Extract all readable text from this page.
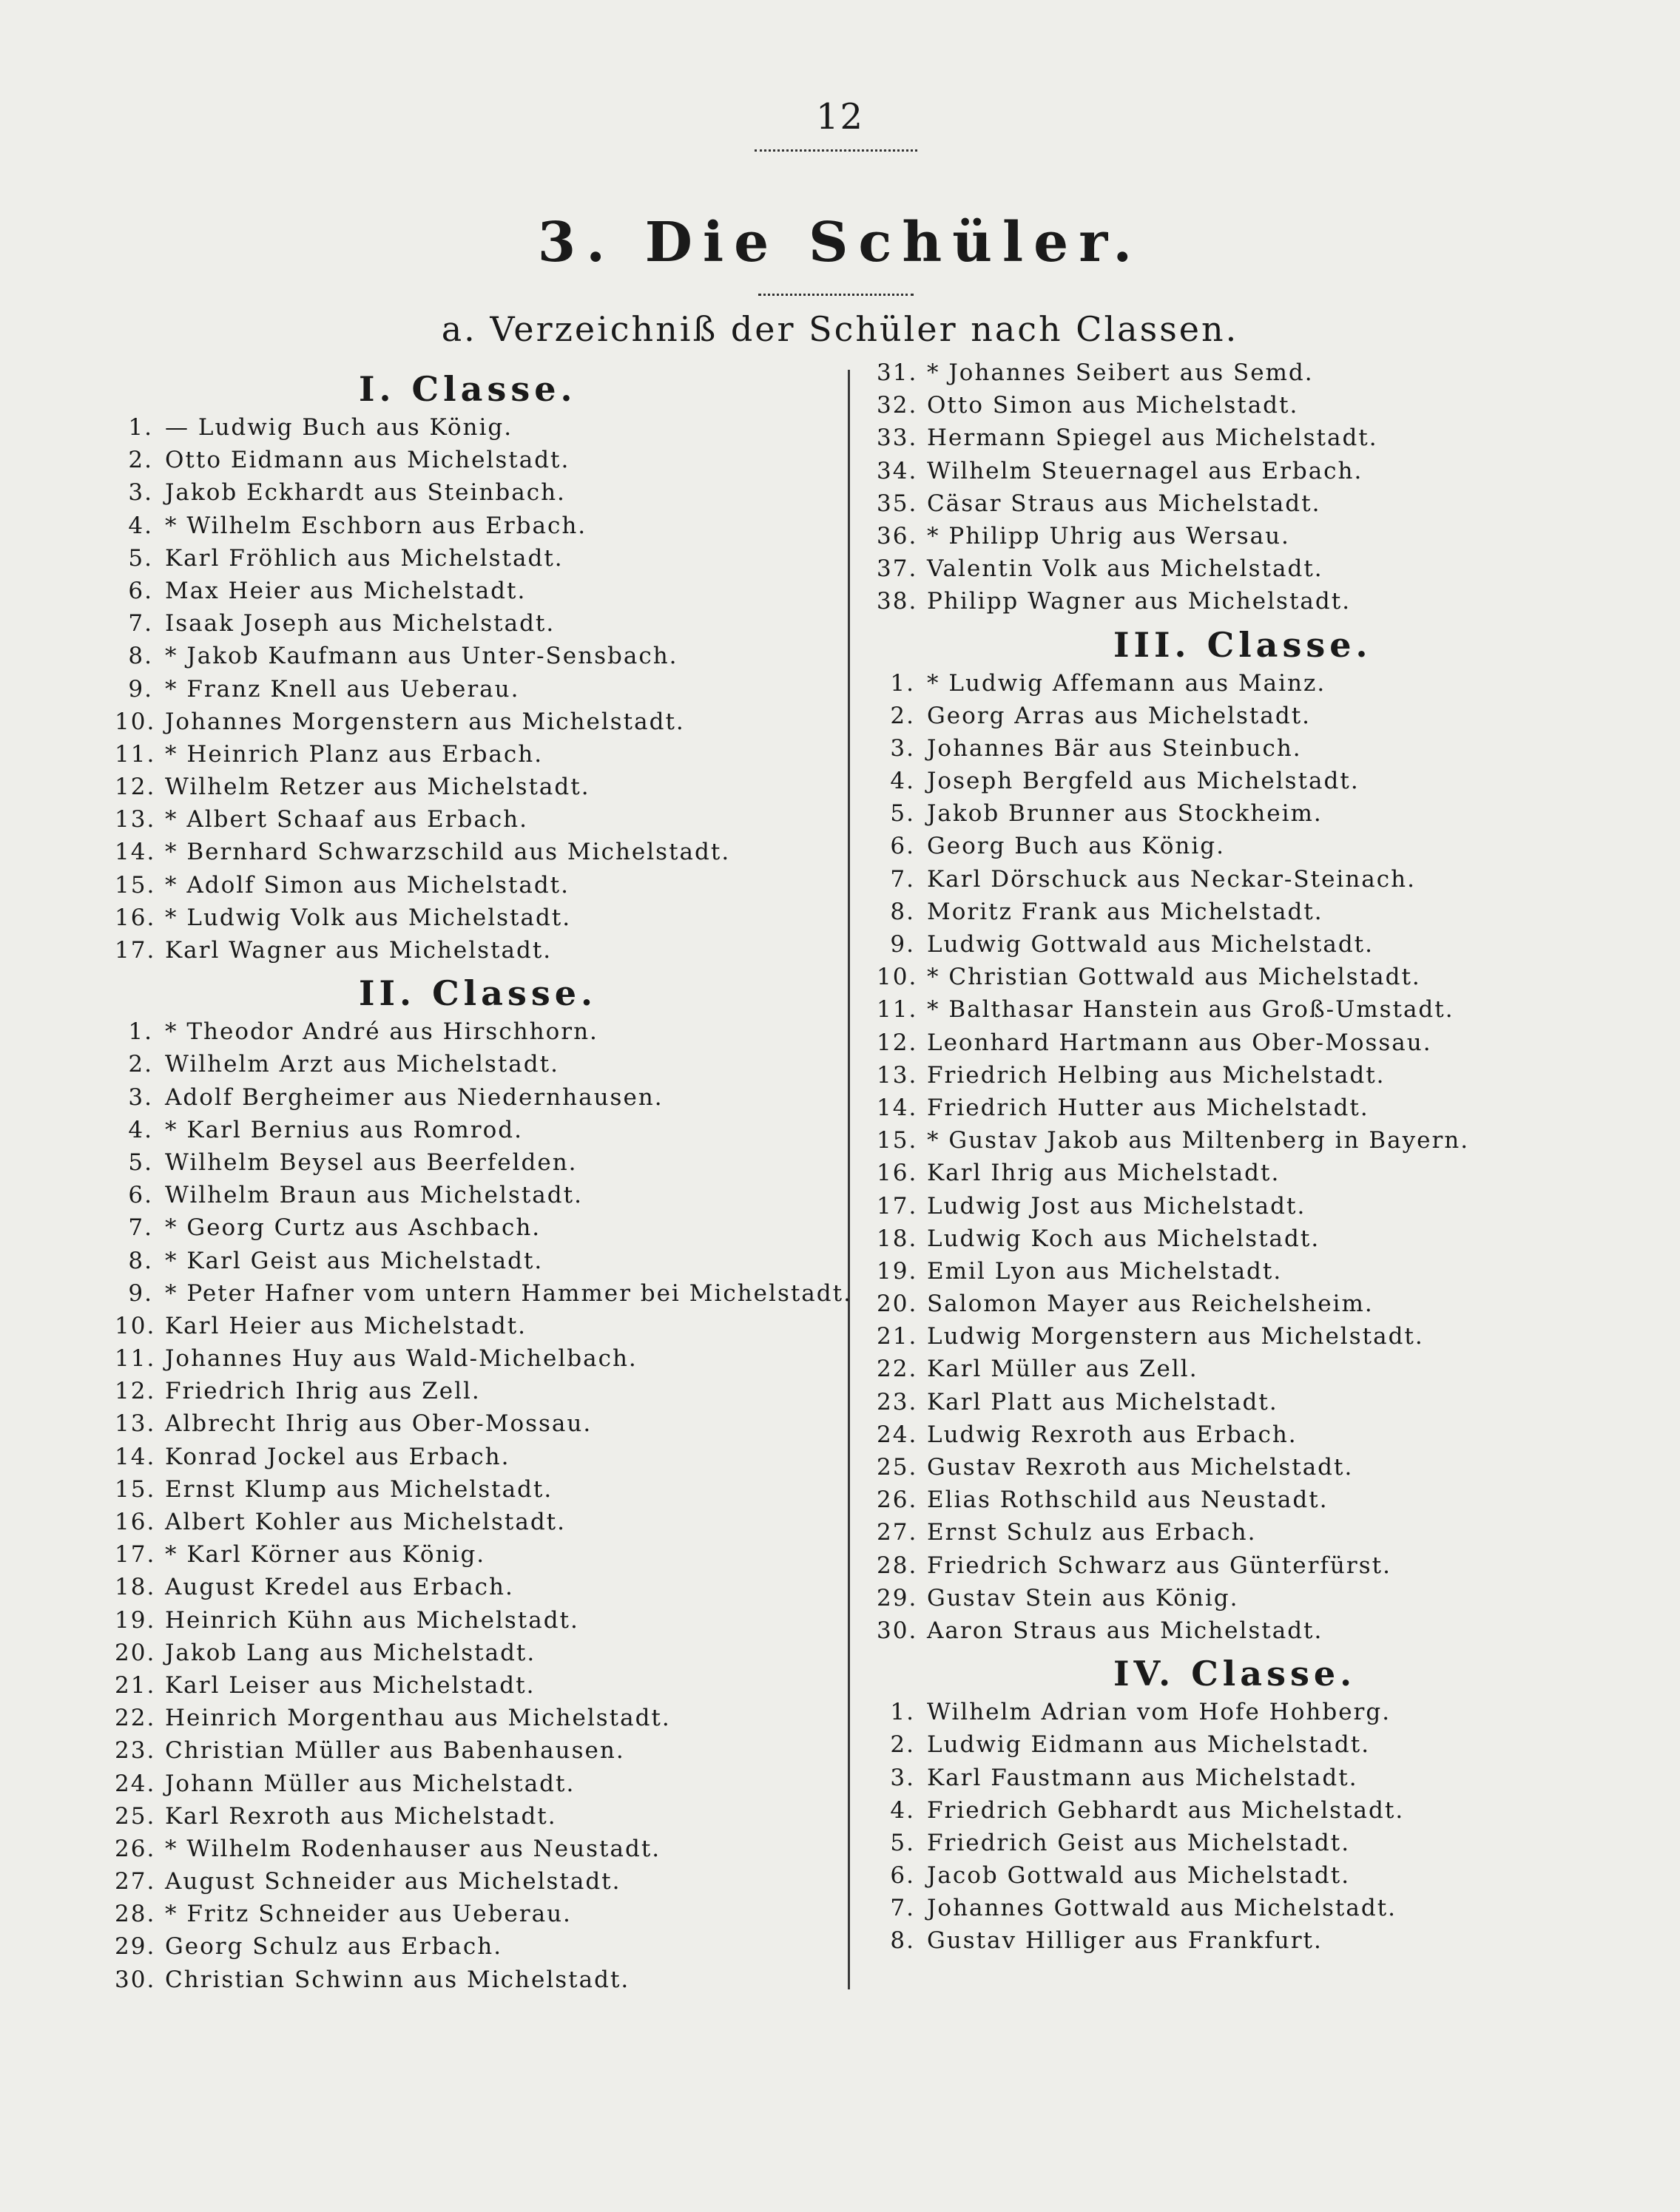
12
3. Die Schüler.
a. Verzeichniß der Schüler nach Classen.
I. Classe.
1. — Ludwig Buch aus König.
2. Otto Eidmann aus Michelstadt.
3. Jakob Eckhardt aus Steinbach.
4. * Wilhelm Eschborn aus Erbach.
5. Karl Fröhlich aus Michelstadt.
6. Max Heier aus Michelstadt.
7. Isaak Joseph aus Michelstadt.
8. * Jakob Kaufmann aus Unter-Sensbach.
9. * Franz Knell aus Ueberau.
10. Johannes Morgenstern aus Michelstadt.
11. * Heinrich Planz aus Erbach.
12. Wilhelm Retzer aus Michelstadt.
13. * Albert Schaaf aus Erbach.
14. * Bernhard Schwarzschild aus Michelstadt.
15. * Adolf Simon aus Michelstadt.
16. * Ludwig Volk aus Michelstadt.
17. Karl Wagner aus Michelstadt.
II. Classe.
1. * Theodor André aus Hirschhorn.
2. Wilhelm Arzt aus Michelstadt.
3. Adolf Bergheimer aus Niedernhausen.
4. * Karl Bernius aus Romrod.
5. Wilhelm Beysel aus Beerfelden.
6. Wilhelm Braun aus Michelstadt.
7. * Georg Curtz aus Aschbach.
8. * Karl Geist aus Michelstadt.
9. * Peter Hafner vom untern Hammer bei Michelstadt.
10. Karl Heier aus Michelstadt.
11. Johannes Huy aus Wald-Michelbach.
12. Friedrich Ihrig aus Zell.
13. Albrecht Ihrig aus Ober-Mossau.
14. Konrad Jockel aus Erbach.
15. Ernst Klump aus Michelstadt.
16. Albert Kohler aus Michelstadt.
17. * Karl Körner aus König.
18. August Kredel aus Erbach.
19. Heinrich Kühn aus Michelstadt.
20. Jakob Lang aus Michelstadt.
21. Karl Leiser aus Michelstadt.
22. Heinrich Morgenthau aus Michelstadt.
23. Christian Müller aus Babenhausen.
24. Johann Müller aus Michelstadt.
25. Karl Rexroth aus Michelstadt.
26. * Wilhelm Rodenhauser aus Neustadt.
27. August Schneider aus Michelstadt.
28. * Fritz Schneider aus Ueberau.
29. Georg Schulz aus Erbach.
30. Christian Schwinn aus Michelstadt.
31. * Johannes Seibert aus Semd.
32. Otto Simon aus Michelstadt.
33. Hermann Spiegel aus Michelstadt.
34. Wilhelm Steuernagel aus Erbach.
35. Cäsar Straus aus Michelstadt.
36. * Philipp Uhrig aus Wersau.
37. Valentin Volk aus Michelstadt.
38. Philipp Wagner aus Michelstadt.
III. Classe.
1. * Ludwig Affemann aus Mainz.
2. Georg Arras aus Michelstadt.
3. Johannes Bär aus Steinbuch.
4. Joseph Bergfeld aus Michelstadt.
5. Jakob Brunner aus Stockheim.
6. Georg Buch aus König.
7. Karl Dörschuck aus Neckar-Steinach.
8. Moritz Frank aus Michelstadt.
9. Ludwig Gottwald aus Michelstadt.
10. * Christian Gottwald aus Michelstadt.
11. * Balthasar Hanstein aus Groß-Umstadt.
12. Leonhard Hartmann aus Ober-Mossau.
13. Friedrich Helbing aus Michelstadt.
14. Friedrich Hutter aus Michelstadt.
15. * Gustav Jakob aus Miltenberg in Bayern.
16. Karl Ihrig aus Michelstadt.
17. Ludwig Jost aus Michelstadt.
18. Ludwig Koch aus Michelstadt.
19. Emil Lyon aus Michelstadt.
20. Salomon Mayer aus Reichelsheim.
21. Ludwig Morgenstern aus Michelstadt.
22. Karl Müller aus Zell.
23. Karl Platt aus Michelstadt.
24. Ludwig Rexroth aus Erbach.
25. Gustav Rexroth aus Michelstadt.
26. Elias Rothschild aus Neustadt.
27. Ernst Schulz aus Erbach.
28. Friedrich Schwarz aus Günterfürst.
29. Gustav Stein aus König.
30. Aaron Straus aus Michelstadt.
IV. Classe.
1. Wilhelm Adrian vom Hofe Hohberg.
2. Ludwig Eidmann aus Michelstadt.
3. Karl Faustmann aus Michelstadt.
4. Friedrich Gebhardt aus Michelstadt.
5. Friedrich Geist aus Michelstadt.
6. Jacob Gottwald aus Michelstadt.
7. Johannes Gottwald aus Michelstadt.
8. Gustav Hilliger aus Frankfurt.
